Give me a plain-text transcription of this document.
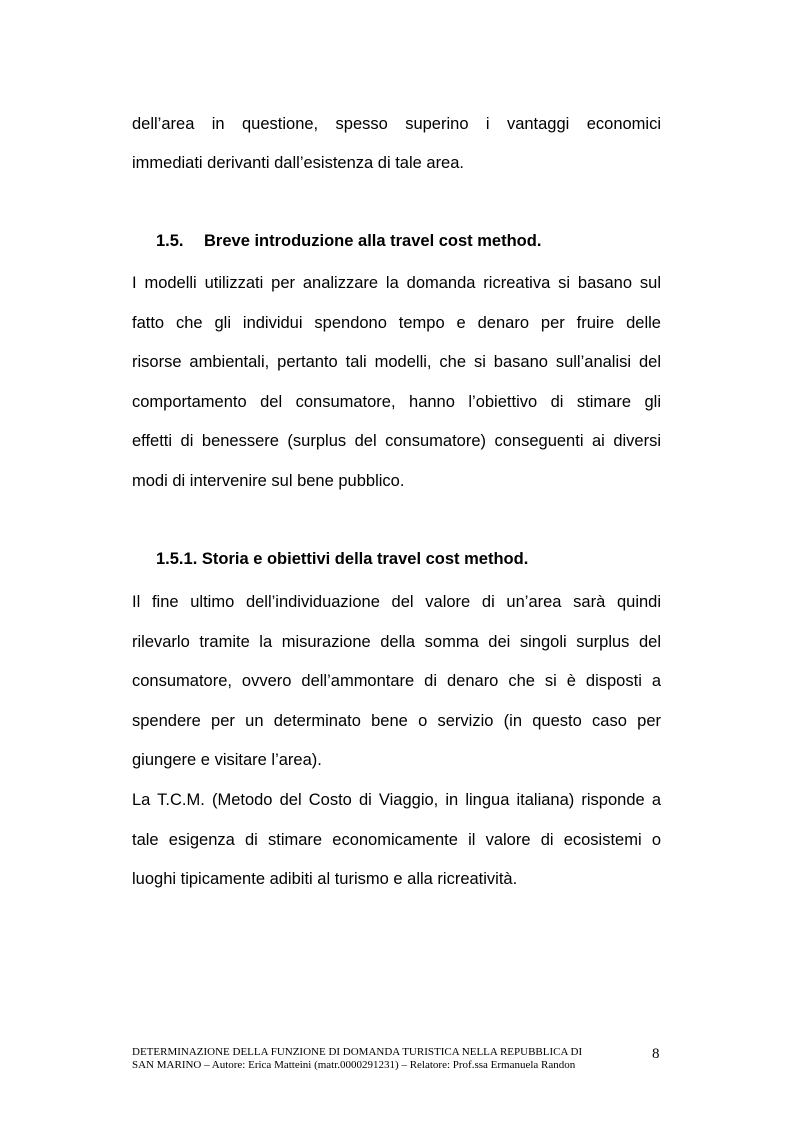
dell’area in questione, spesso superino i vantaggi economici
immediati derivanti dall’esistenza di tale area.
1.5. Breve introduzione alla travel cost method.
I modelli utilizzati per analizzare la domanda ricreativa si basano sul
fatto che gli individui spendono tempo e denaro per fruire delle
risorse ambientali, pertanto tali modelli, che si basano sull’analisi del
comportamento del consumatore, hanno l’obiettivo di stimare gli
effetti di benessere (surplus del consumatore) conseguenti ai diversi
modi di intervenire sul bene pubblico.
1.5.1. Storia e obiettivi della travel cost method.
Il fine ultimo dell’individuazione del valore di un’area sarà quindi
rilevarlo tramite la misurazione della somma dei singoli surplus del
consumatore, ovvero dell’ammontare di denaro che si è disposti a
spendere per un determinato bene o servizio (in questo caso per
giungere e visitare l’area).
La T.C.M. (Metodo del Costo di Viaggio, in lingua italiana) risponde a
tale esigenza di stimare economicamente il valore di ecosistemi o
luoghi tipicamente adibiti al turismo e alla ricreatività.
DETERMINAZIONE DELLA FUNZIONE DI DOMANDA TURISTICA NELLA REPUBBLICA DI
SAN MARINO – Autore: Erica Matteini (matr.0000291231) – Relatore: Prof.ssa Ermanuela Randon
8
